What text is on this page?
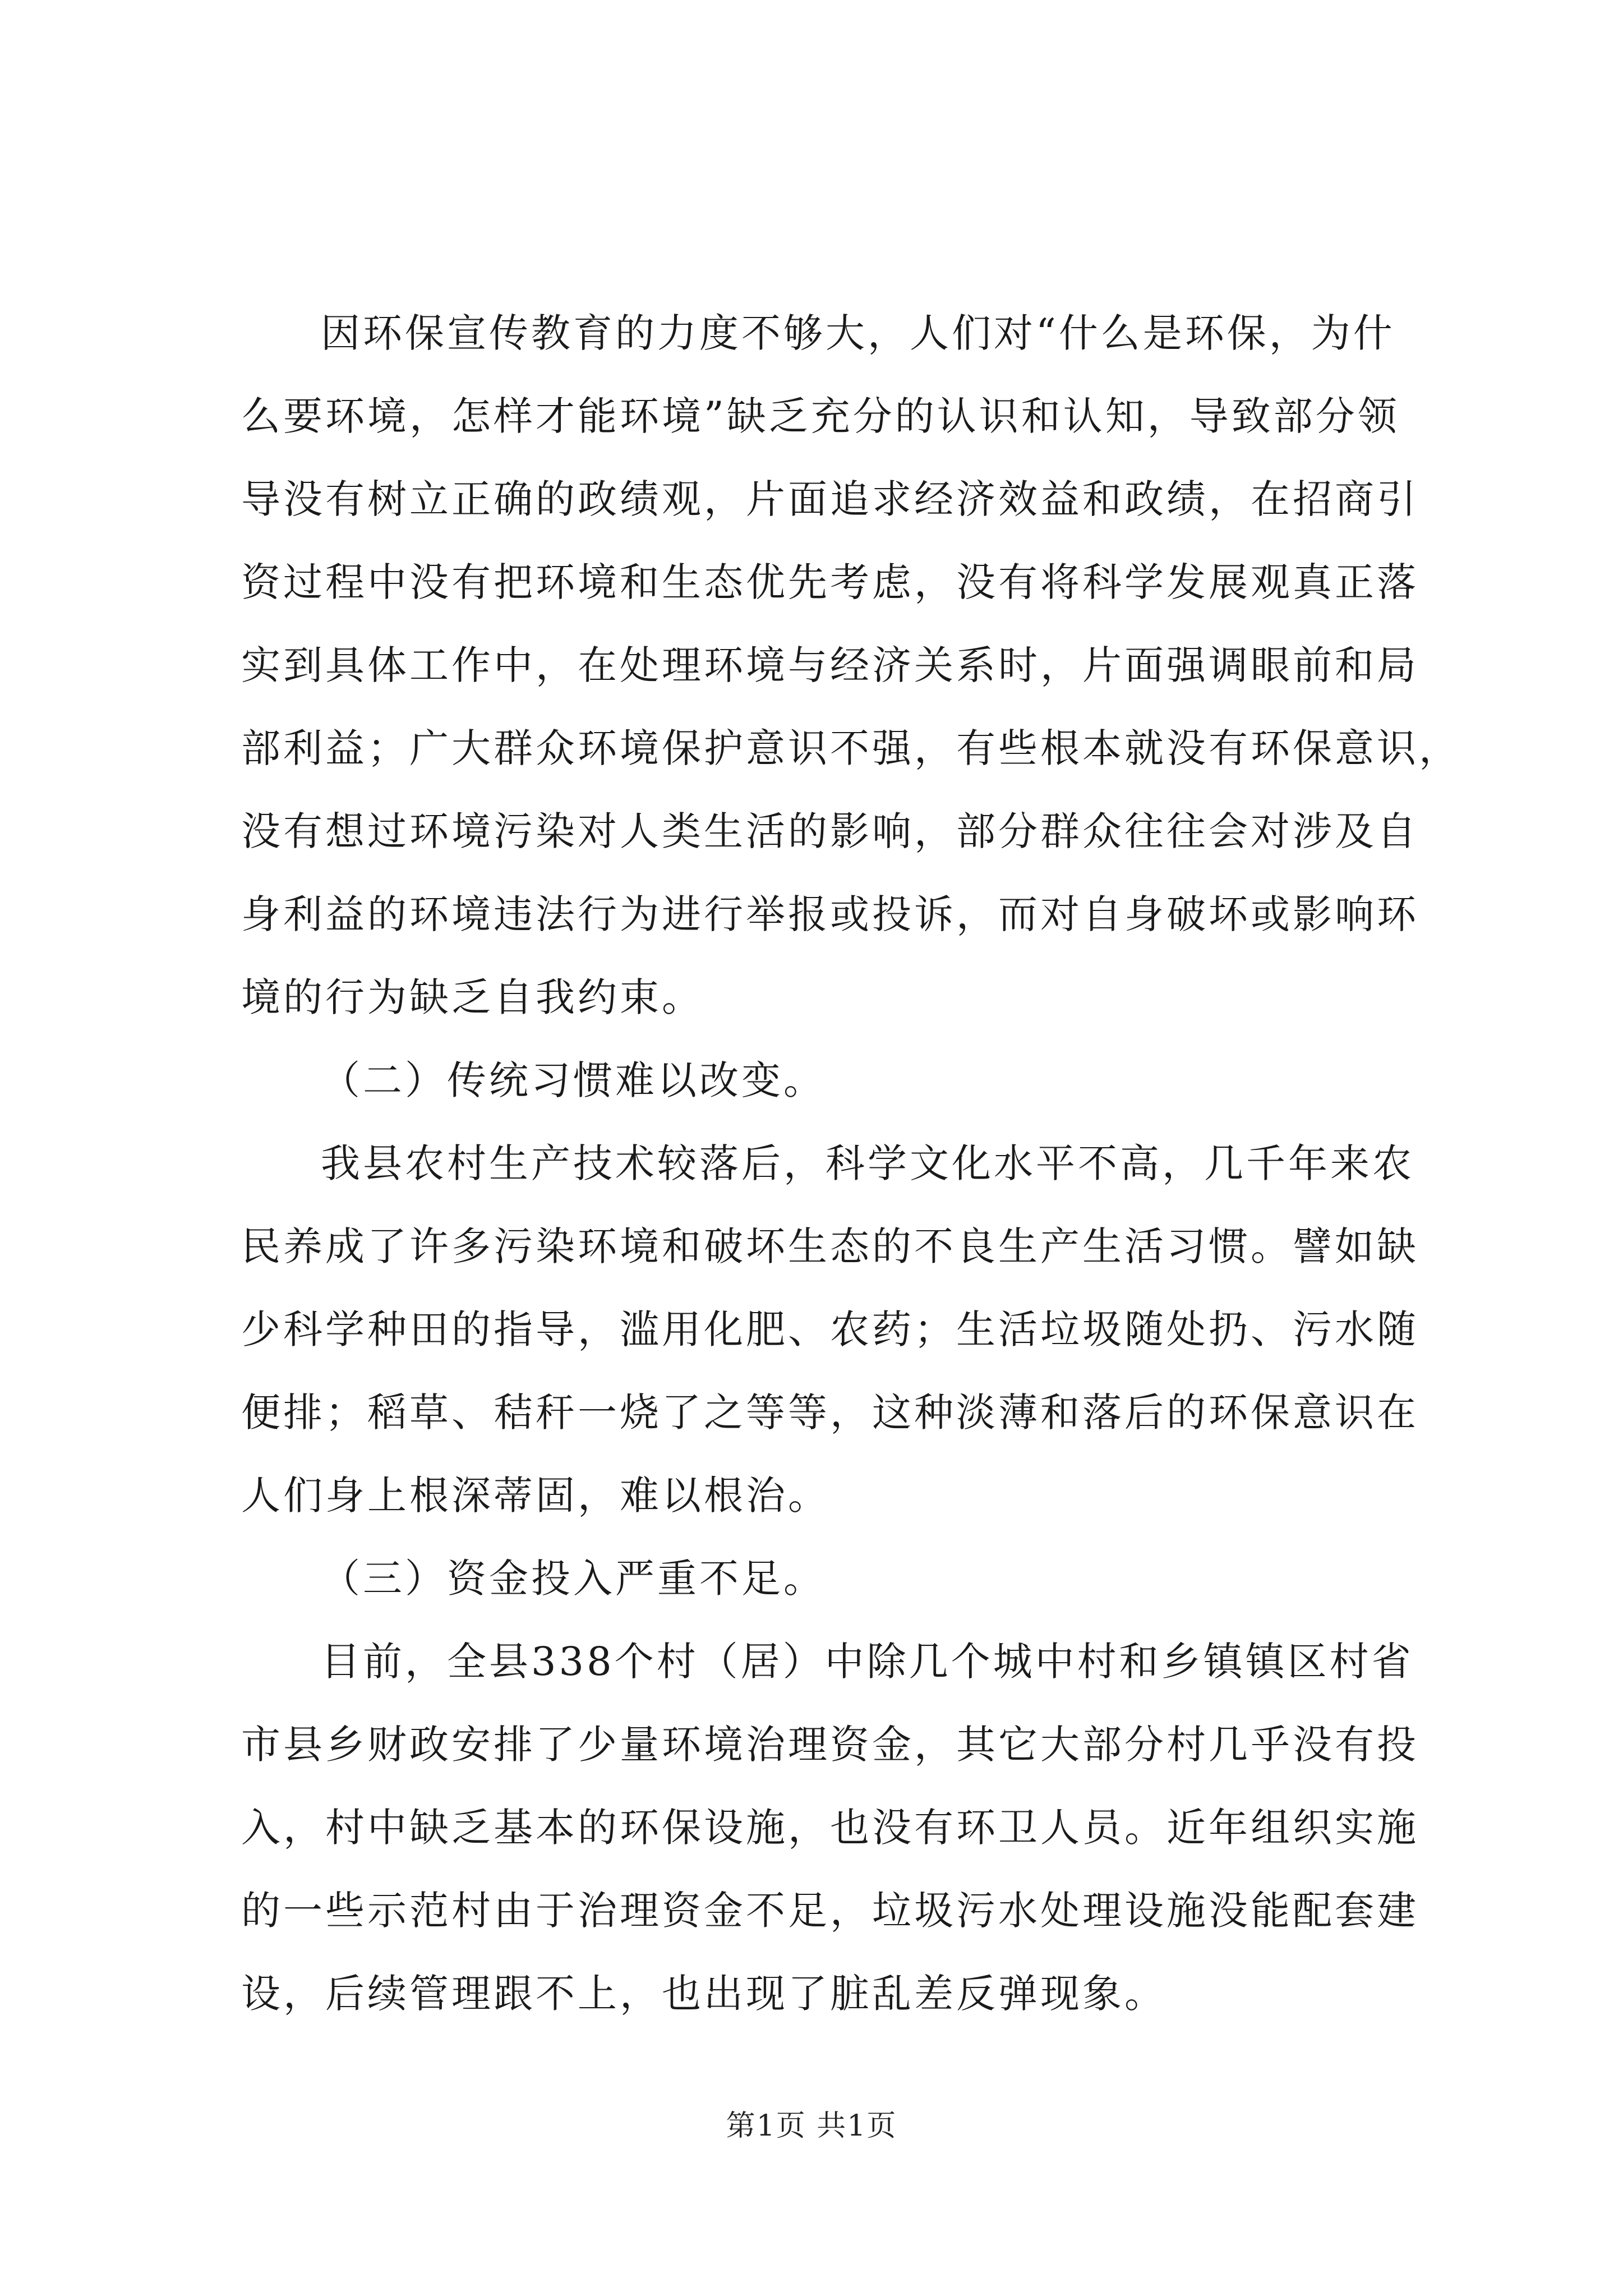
因环保宣传教育的力度不够大，人们对“什么是环保，为什
么要环境，怎样才能环境”缺乏充分的认识和认知，导致部分领
导没有树立正确的政绩观，片面追求经济效益和政绩，在招商引
资过程中没有把环境和生态优先考虑，没有将科学发展观真正落
实到具体工作中，在处理环境与经济关系时，片面强调眼前和局
部利益；广大群众环境保护意识不强，有些根本就没有环保意识，
没有想过环境污染对人类生活的影响，部分群众往往会对涉及自
身利益的环境违法行为进行举报或投诉，而对自身破坏或影响环
境的行为缺乏自我约束。
（二）传统习惯难以改变。
我县农村生产技术较落后，科学文化水平不高，几千年来农
民养成了许多污染环境和破坏生态的不良生产生活习惯。譬如缺
少科学种田的指导，滥用化肥、农药；生活垃圾随处扔、污水随
便排；稻草、秸秆一烧了之等等，这种淡薄和落后的环保意识在
人们身上根深蒂固，难以根治。
（三）资金投入严重不足。
目前，全县338个村（居）中除几个城中村和乡镇镇区村省
市县乡财政安排了少量环境治理资金，其它大部分村几乎没有投
入，村中缺乏基本的环保设施，也没有环卫人员。近年组织实施
的一些示范村由于治理资金不足，垃圾污水处理设施没能配套建
设，后续管理跟不上，也出现了脏乱差反弹现象。
第1页 共1页
